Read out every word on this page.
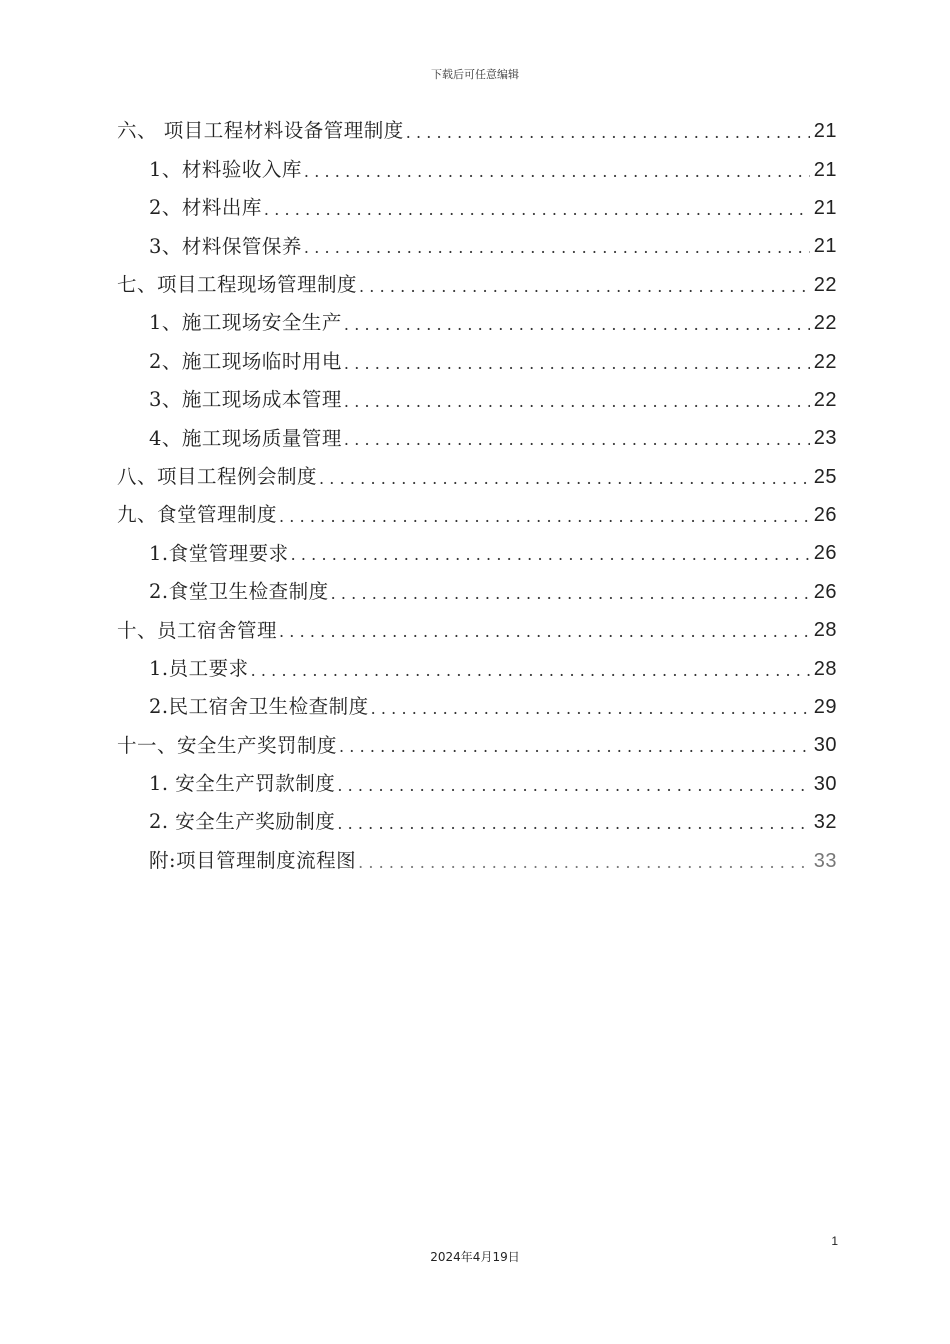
下载后可任意编辑
六、 项目工程材料设备管理制度 .....	21
1、材料验收入库 .....	21
2、材料出库 .....	21
3、材料保管保养 .....	21
七、项目工程现场管理制度 .....	22
1、施工现场安全生产 .....	22
2、施工现场临时用电 .....	22
3、施工现场成本管理 .....	22
4、施工现场质量管理 .....	23
八、项目工程例会制度 .....	25
九、食堂管理制度 .....	26
1.食堂管理要求 .....	26
2.食堂卫生检查制度 .....	26
十、员工宿舍管理 .....	28
1.员工要求 .....	28
2.民工宿舍卫生检查制度 .....	29
十一、安全生产奖罚制度 .....	30
1. 安全生产罚款制度 .....	30
2. 安全生产奖励制度 .....	32
附:项目管理制度流程图 .....	33
1
2024年4月19日
